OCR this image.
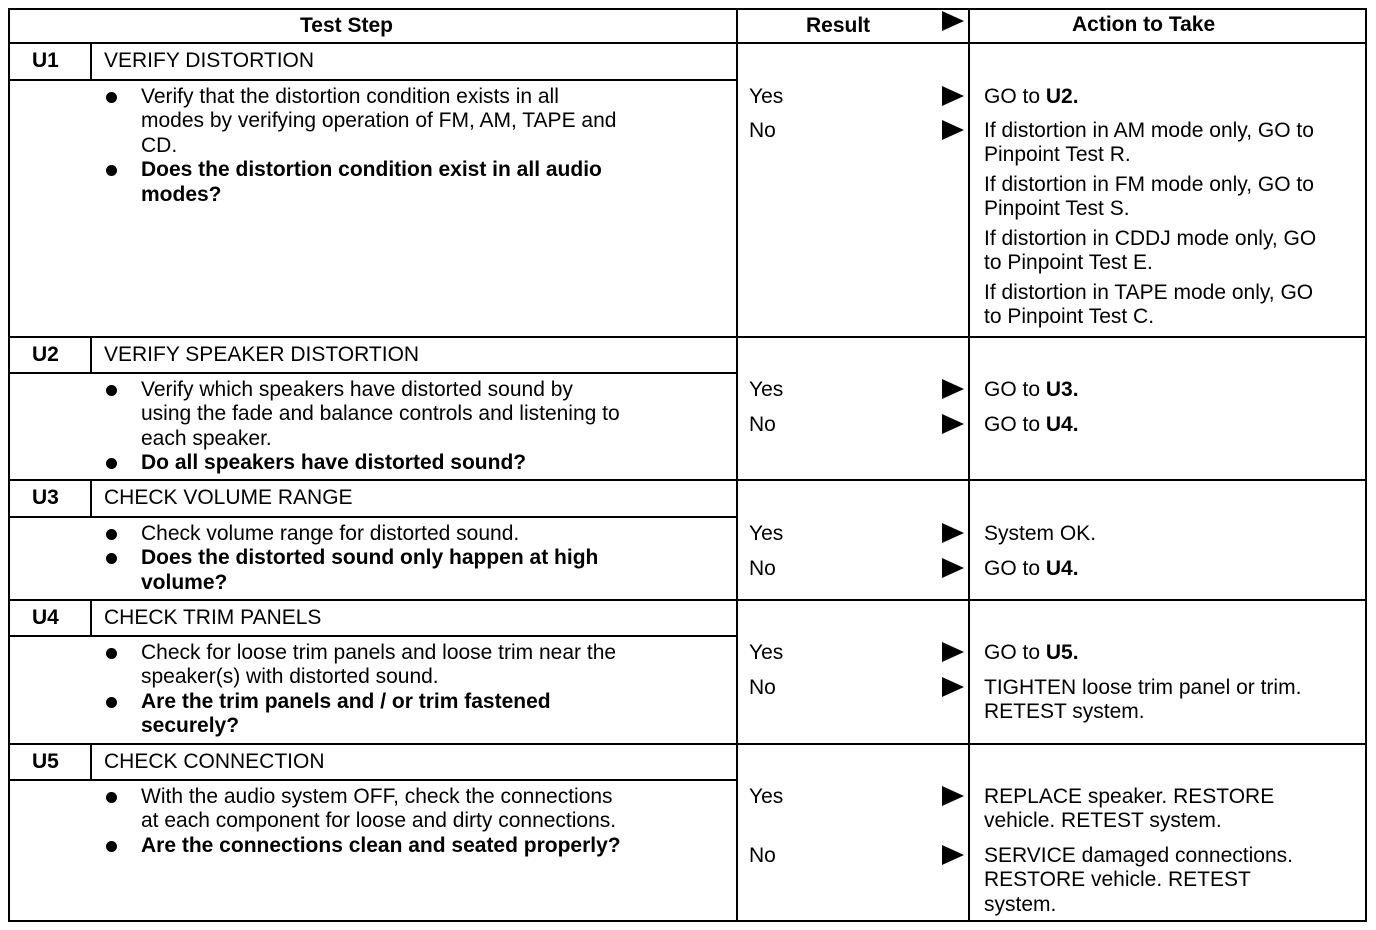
Test Step	Result	Action to Take
U1 VERIFY DISTORTION
Verify that the distortion condition exists in all
modes by verifying operation of FM, AM, TAPE and
CD.
Does the distortion condition exist in all audio
modes?
Yes	GO to U2.
No	If distortion in AM mode only, GO to
Pinpoint Test R.
If distortion in FM mode only, GO to
Pinpoint Test S.
If distortion in CDDJ mode only, GO
to Pinpoint Test E.
If distortion in TAPE mode only, GO
to Pinpoint Test C.
U2 VERIFY SPEAKER DISTORTION
Verify which speakers have distorted sound by
using the fade and balance controls and listening to
each speaker.
Do all speakers have distorted sound?
Yes	GO to U3.
No	GO to U4.
U3 CHECK VOLUME RANGE
Check volume range for distorted sound.
Does the distorted sound only happen at high
volume?
Yes	System OK.
No	GO to U4.
U4 CHECK TRIM PANELS
Check for loose trim panels and loose trim near the
speaker(s) with distorted sound.
Are the trim panels and / or trim fastened
securely?
Yes	GO to U5.
No	TIGHTEN loose trim panel or trim.
RETEST system.
U5 CHECK CONNECTION
With the audio system OFF, check the connections
at each component for loose and dirty connections.
Are the connections clean and seated properly?
Yes	REPLACE speaker. RESTORE
vehicle. RETEST system.
No	SERVICE damaged connections.
RESTORE vehicle. RETEST
system.
